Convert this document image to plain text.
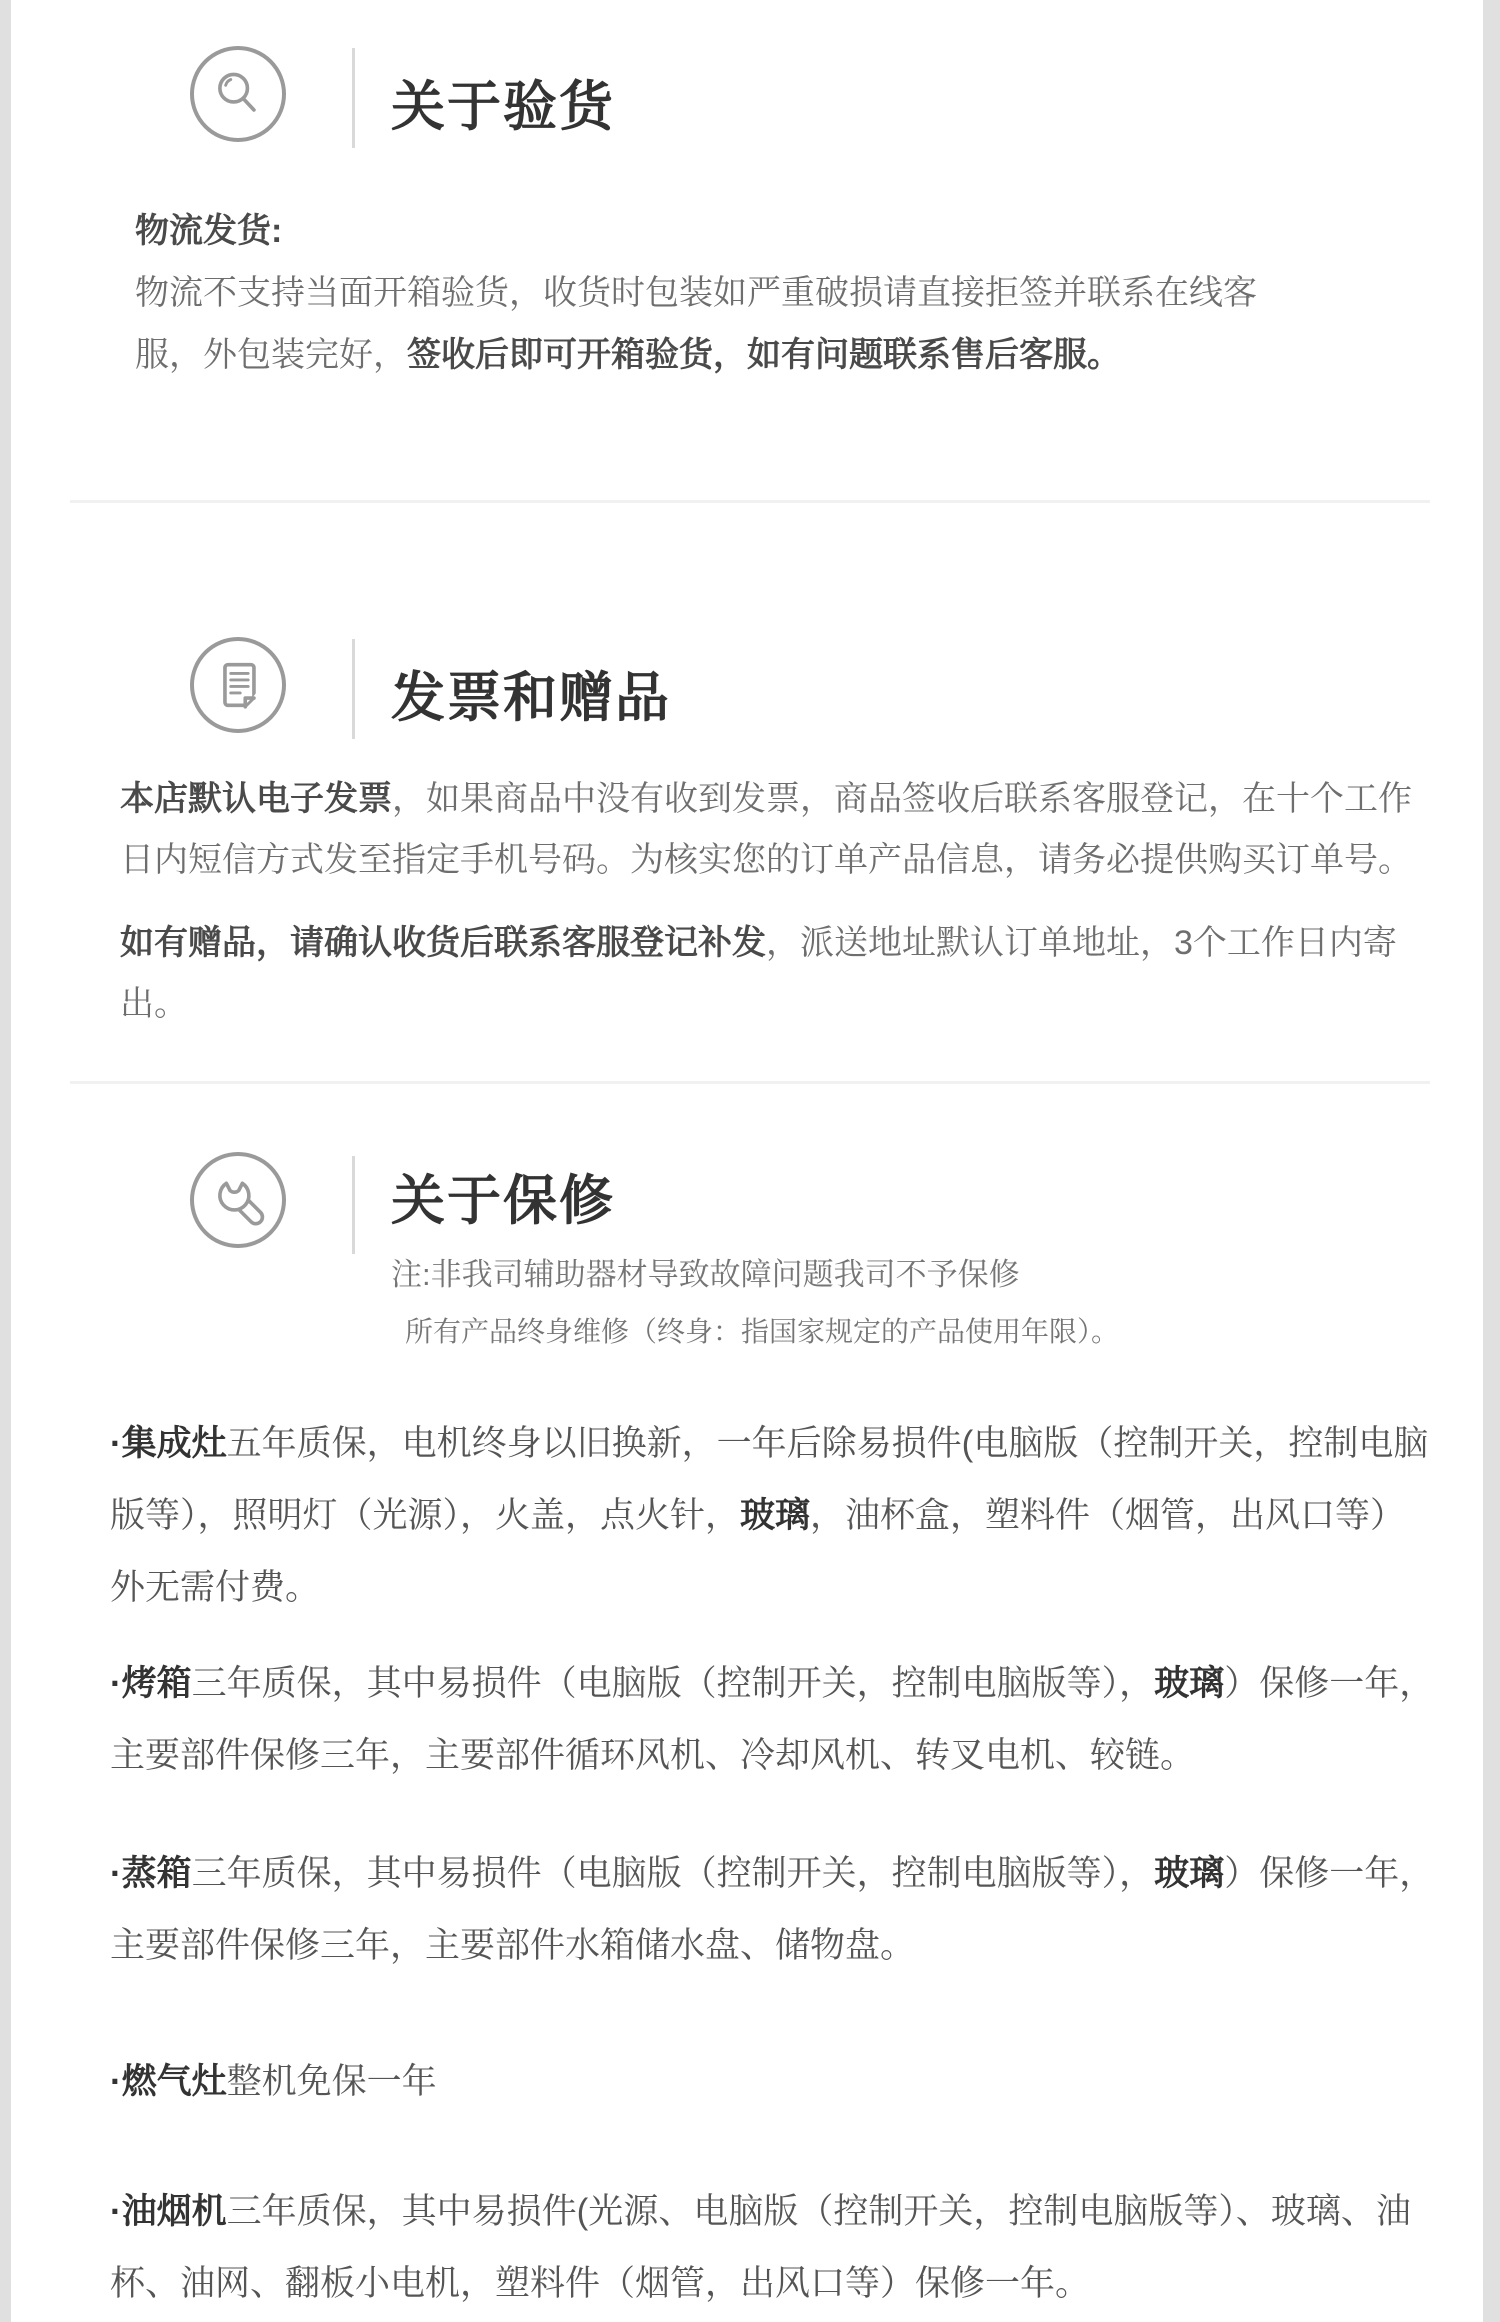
关于验货
物流发货:
物流不支持当面开箱验货，收货时包装如严重破损请直接拒签并联系在线客服，外包装完好，签收后即可开箱验货，如有问题联系售后客服。
发票和赠品
本店默认电子发票，如果商品中没有收到发票，商品签收后联系客服登记，在十个工作日内短信方式发至指定手机号码。为核实您的订单产品信息，请务必提供购买订单号。
如有赠品，请确认收货后联系客服登记补发，派送地址默认订单地址，3个工作日内寄出。
关于保修
注:非我司辅助器材导致故障问题我司不予保修
所有产品终身维修（终身：指国家规定的产品使用年限）。
·集成灶五年质保，电机终身以旧换新，一年后除易损件(电脑版（控制开关，控制电脑版等），照明灯（光源），火盖，点火针，玻璃，油杯盒，塑料件（烟管，出风口等）外无需付费。
·烤箱三年质保，其中易损件（电脑版（控制开关，控制电脑版等），玻璃）保修一年，主要部件保修三年，主要部件循环风机、冷却风机、转叉电机、较链。
·蒸箱三年质保，其中易损件（电脑版（控制开关，控制电脑版等），玻璃）保修一年，主要部件保修三年，主要部件水箱储水盘、储物盘。
·燃气灶整机免保一年
·油烟机三年质保，其中易损件(光源、电脑版（控制开关，控制电脑版等）、玻璃、油杯、油网、翻板小电机，塑料件（烟管，出风口等）保修一年。
